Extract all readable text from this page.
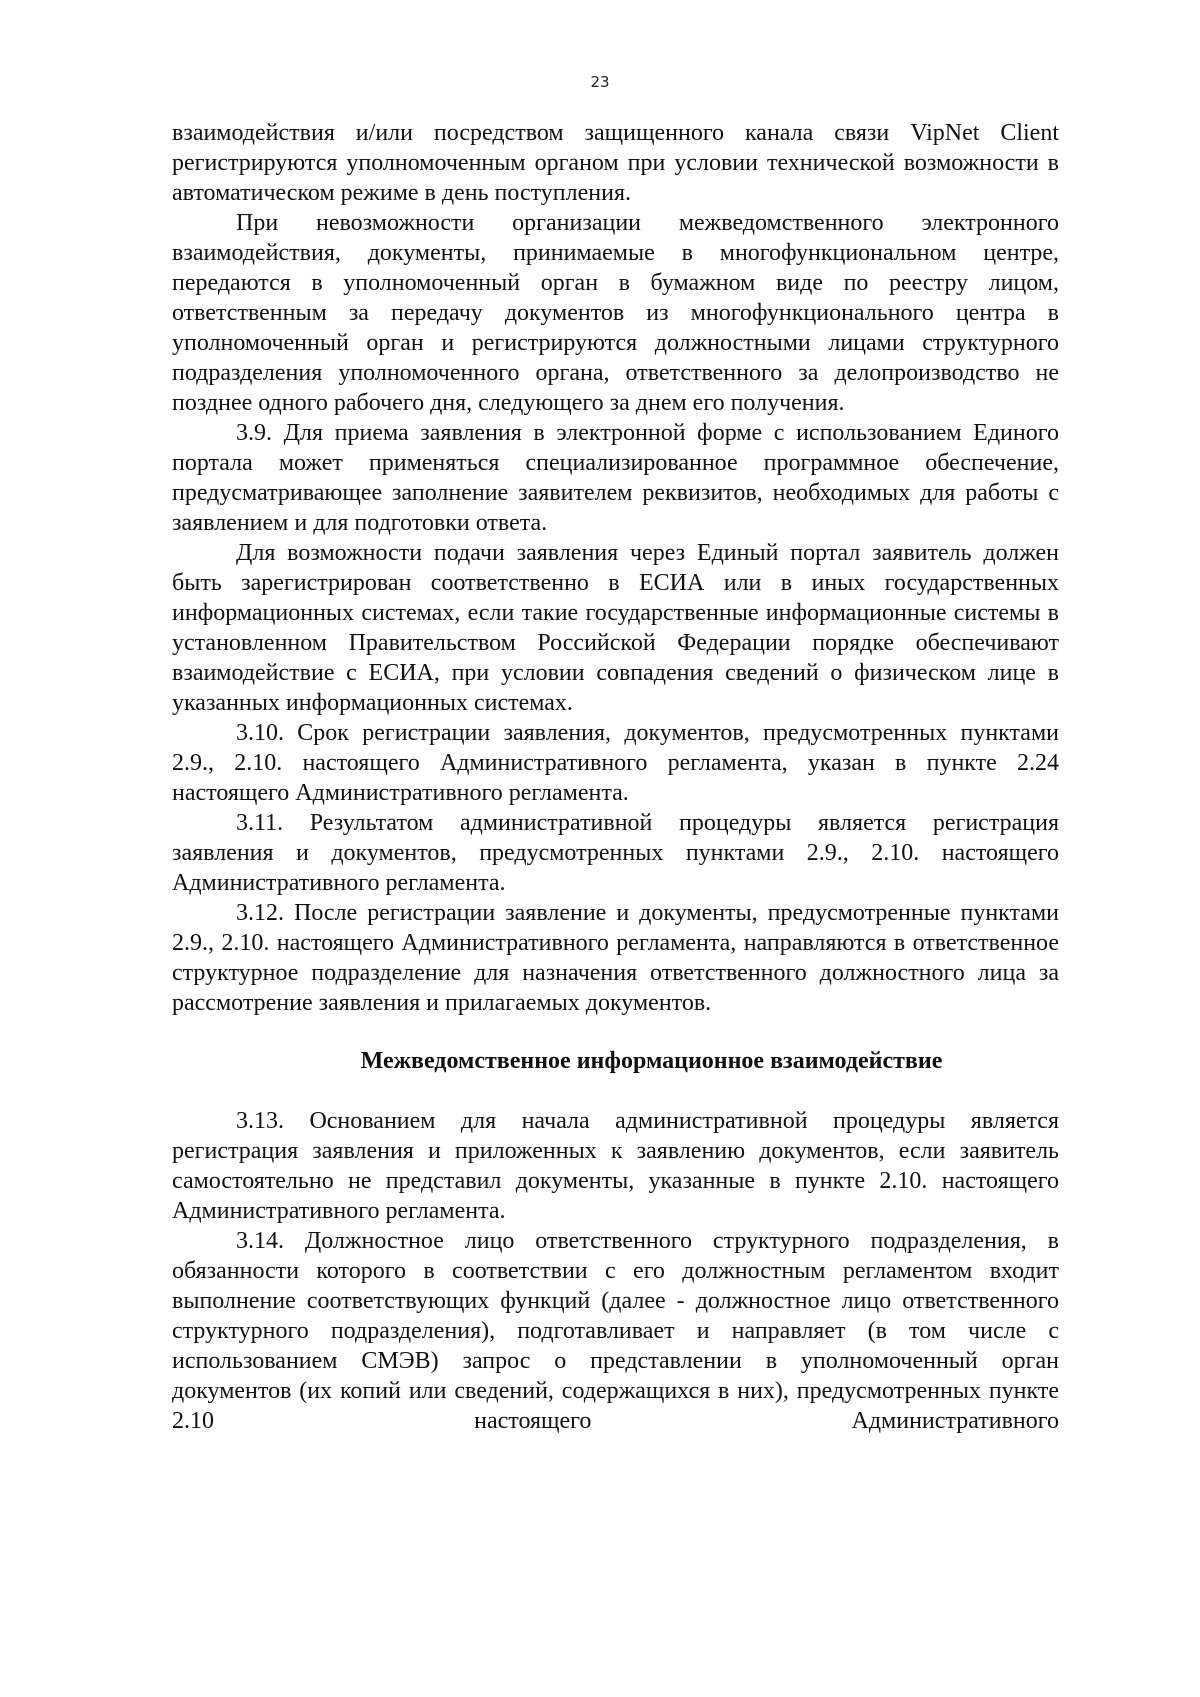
23

взаимодействия и/или посредством защищенного канала связи VipNet Client регистрируются уполномоченным органом при условии технической возможности в автоматическом режиме в день поступления.

При невозможности организации межведомственного электронного взаимодействия, документы, принимаемые в многофункциональном центре, передаются в уполномоченный орган в бумажном виде по реестру лицом, ответственным за передачу документов из многофункционального центра в уполномоченный орган и регистрируются должностными лицами структурного подразделения уполномоченного органа, ответственного за делопроизводство не позднее одного рабочего дня, следующего за днем его получения.

3.9. Для приема заявления в электронной форме с использованием Единого портала может применяться специализированное программное обеспечение, предусматривающее заполнение заявителем реквизитов, необходимых для работы с заявлением и для подготовки ответа.

Для возможности подачи заявления через Единый портал заявитель должен быть зарегистрирован соответственно в ЕСИА или в иных государственных информационных системах, если такие государственные информационные системы в установленном Правительством Российской Федерации порядке обеспечивают взаимодействие с ЕСИА, при условии совпадения сведений о физическом лице в указанных информационных системах.

3.10. Срок регистрации заявления, документов, предусмотренных пунктами 2.9., 2.10. настоящего Административного регламента, указан в пункте 2.24 настоящего Административного регламента.

3.11. Результатом административной процедуры является регистрация заявления и документов, предусмотренных пунктами 2.9., 2.10. настоящего Административного регламента.

3.12. После регистрации заявление и документы, предусмотренные пунктами 2.9., 2.10. настоящего Административного регламента, направляются в ответственное структурное подразделение для назначения ответственного должностного лица за рассмотрение заявления и прилагаемых документов.

Межведомственное информационное взаимодействие

3.13. Основанием для начала административной процедуры является регистрация заявления и приложенных к заявлению документов, если заявитель самостоятельно не представил документы, указанные в пункте 2.10. настоящего Административного регламента.

3.14. Должностное лицо ответственного структурного подразделения, в обязанности которого в соответствии с его должностным регламентом входит выполнение соответствующих функций (далее - должностное лицо ответственного структурного подразделения), подготавливает и направляет (в том числе с использованием СМЭВ) запрос о представлении в уполномоченный орган документов (их копий или сведений, содержащихся в них), предусмотренных пункте 2.10 настоящего Административного
